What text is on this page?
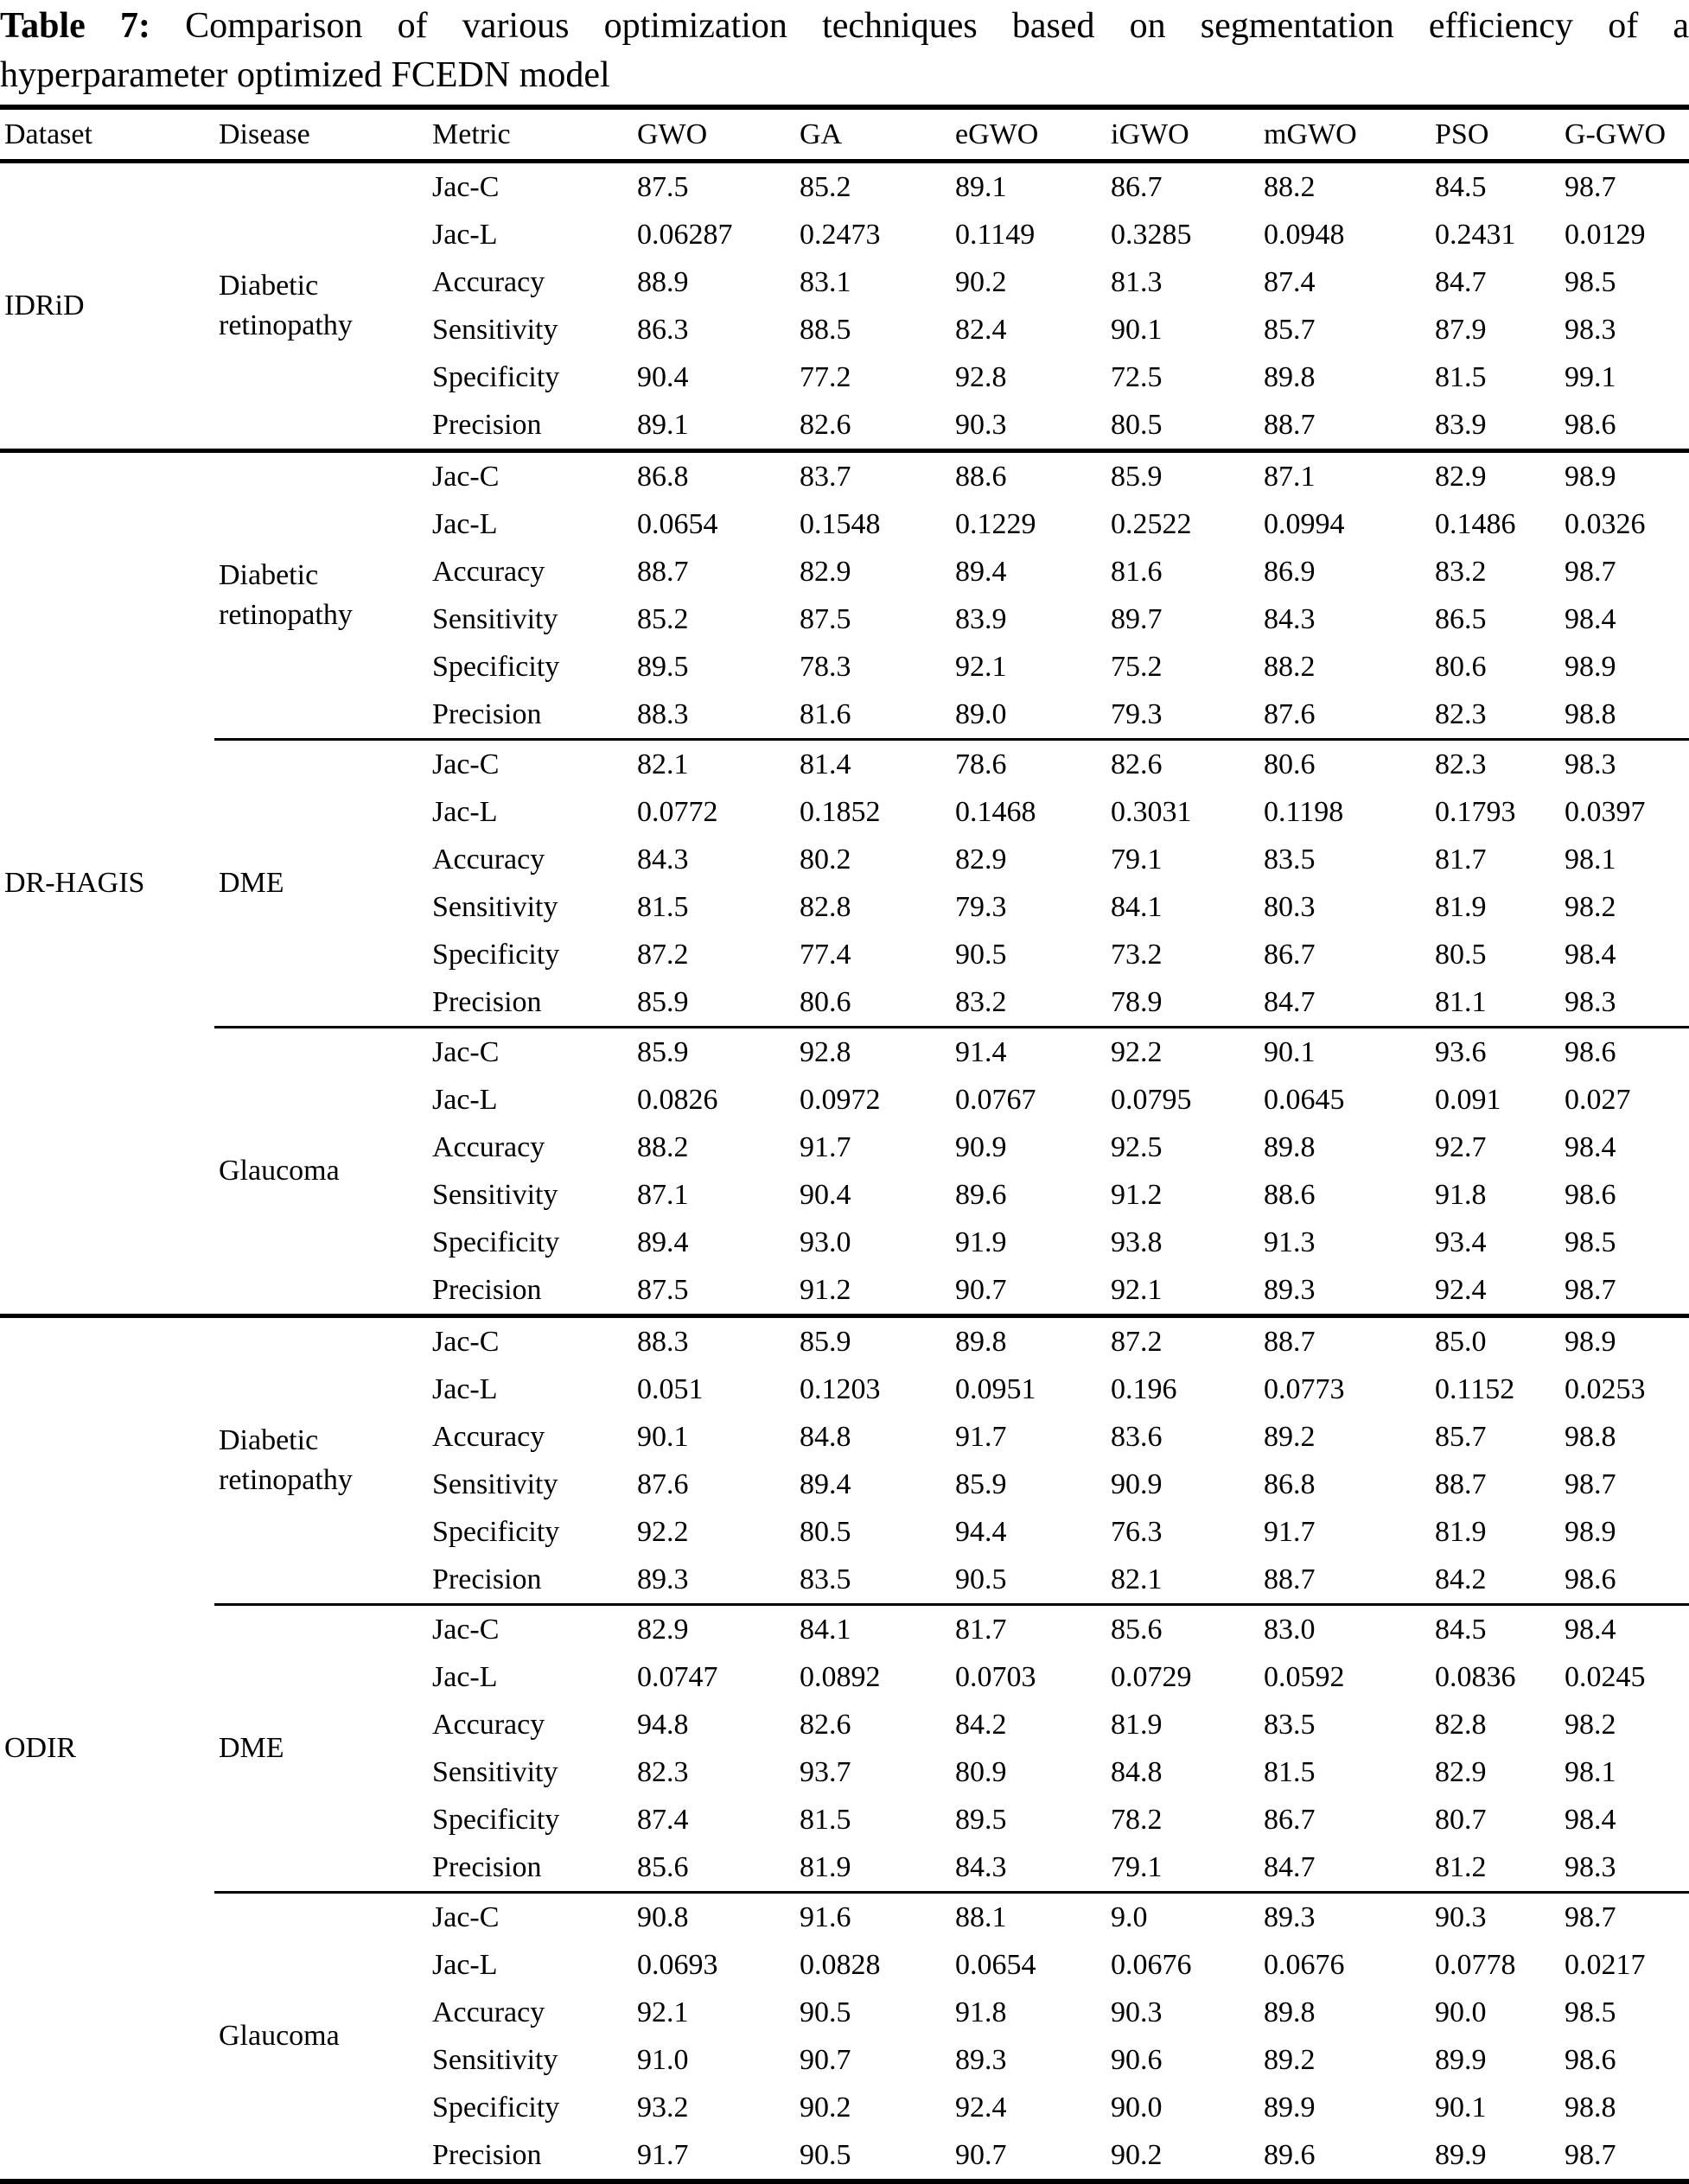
Table 7: Comparison of various optimization techniques based on segmentation efficiency of a
hyperparameter optimized FCEDN model
Dataset	Disease	Metric	GWO	GA	eGWO	iGWO	mGWO	PSO	G-GWO
IDRiD	Diabetic retinopathy	Jac-C	87.5	85.2	89.1	86.7	88.2	84.5	98.7
		Jac-L	0.06287	0.2473	0.1149	0.3285	0.0948	0.2431	0.0129
		Accuracy	88.9	83.1	90.2	81.3	87.4	84.7	98.5
		Sensitivity	86.3	88.5	82.4	90.1	85.7	87.9	98.3
		Specificity	90.4	77.2	92.8	72.5	89.8	81.5	99.1
		Precision	89.1	82.6	90.3	80.5	88.7	83.9	98.6
DR-HAGIS	Diabetic retinopathy	Jac-C	86.8	83.7	88.6	85.9	87.1	82.9	98.9
		Jac-L	0.0654	0.1548	0.1229	0.2522	0.0994	0.1486	0.0326
		Accuracy	88.7	82.9	89.4	81.6	86.9	83.2	98.7
		Sensitivity	85.2	87.5	83.9	89.7	84.3	86.5	98.4
		Specificity	89.5	78.3	92.1	75.2	88.2	80.6	98.9
		Precision	88.3	81.6	89.0	79.3	87.6	82.3	98.8
	DME	Jac-C	82.1	81.4	78.6	82.6	80.6	82.3	98.3
		Jac-L	0.0772	0.1852	0.1468	0.3031	0.1198	0.1793	0.0397
		Accuracy	84.3	80.2	82.9	79.1	83.5	81.7	98.1
		Sensitivity	81.5	82.8	79.3	84.1	80.3	81.9	98.2
		Specificity	87.2	77.4	90.5	73.2	86.7	80.5	98.4
		Precision	85.9	80.6	83.2	78.9	84.7	81.1	98.3
	Glaucoma	Jac-C	85.9	92.8	91.4	92.2	90.1	93.6	98.6
		Jac-L	0.0826	0.0972	0.0767	0.0795	0.0645	0.091	0.027
		Accuracy	88.2	91.7	90.9	92.5	89.8	92.7	98.4
		Sensitivity	87.1	90.4	89.6	91.2	88.6	91.8	98.6
		Specificity	89.4	93.0	91.9	93.8	91.3	93.4	98.5
		Precision	87.5	91.2	90.7	92.1	89.3	92.4	98.7
ODIR	Diabetic retinopathy	Jac-C	88.3	85.9	89.8	87.2	88.7	85.0	98.9
		Jac-L	0.051	0.1203	0.0951	0.196	0.0773	0.1152	0.0253
		Accuracy	90.1	84.8	91.7	83.6	89.2	85.7	98.8
		Sensitivity	87.6	89.4	85.9	90.9	86.8	88.7	98.7
		Specificity	92.2	80.5	94.4	76.3	91.7	81.9	98.9
		Precision	89.3	83.5	90.5	82.1	88.7	84.2	98.6
	DME	Jac-C	82.9	84.1	81.7	85.6	83.0	84.5	98.4
		Jac-L	0.0747	0.0892	0.0703	0.0729	0.0592	0.0836	0.0245
		Accuracy	94.8	82.6	84.2	81.9	83.5	82.8	98.2
		Sensitivity	82.3	93.7	80.9	84.8	81.5	82.9	98.1
		Specificity	87.4	81.5	89.5	78.2	86.7	80.7	98.4
		Precision	85.6	81.9	84.3	79.1	84.7	81.2	98.3
	Glaucoma	Jac-C	90.8	91.6	88.1	9.0	89.3	90.3	98.7
		Jac-L	0.0693	0.0828	0.0654	0.0676	0.0676	0.0778	0.0217
		Accuracy	92.1	90.5	91.8	90.3	89.8	90.0	98.5
		Sensitivity	91.0	90.7	89.3	90.6	89.2	89.9	98.6
		Specificity	93.2	90.2	92.4	90.0	89.9	90.1	98.8
		Precision	91.7	90.5	90.7	90.2	89.6	89.9	98.7
